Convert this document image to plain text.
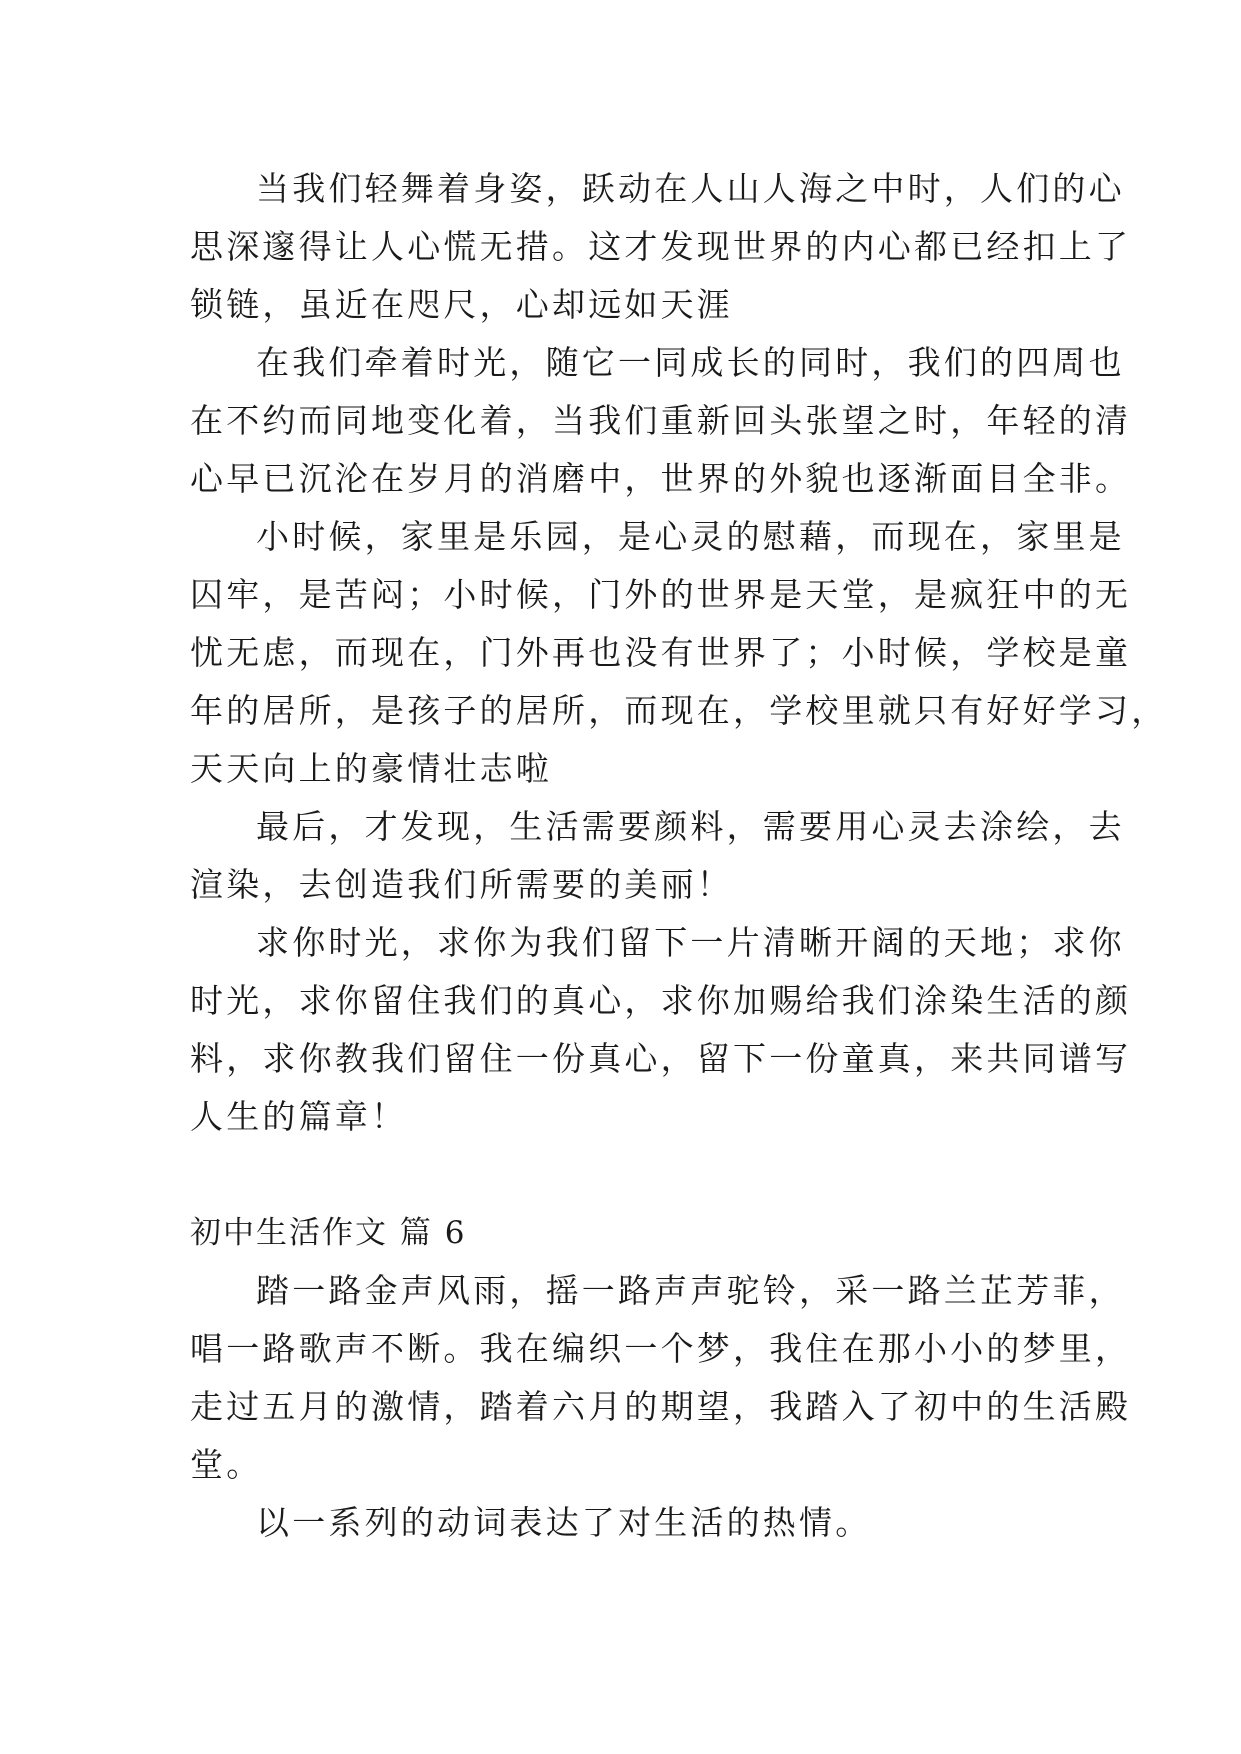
当我们轻舞着身姿，跃动在人山人海之中时，人们的心
思深邃得让人心慌无措。这才发现世界的内心都已经扣上了
锁链，虽近在咫尺，心却远如天涯

在我们牵着时光，随它一同成长的同时，我们的四周也
在不约而同地变化着，当我们重新回头张望之时，年轻的清
心早已沉沦在岁月的消磨中，世界的外貌也逐渐面目全非。

小时候，家里是乐园，是心灵的慰藉，而现在，家里是
囚牢，是苦闷；小时候，门外的世界是天堂，是疯狂中的无
忧无虑，而现在，门外再也没有世界了；小时候，学校是童
年的居所，是孩子的居所，而现在，学校里就只有好好学习，
天天向上的豪情壮志啦

最后，才发现，生活需要颜料，需要用心灵去涂绘，去
渲染，去创造我们所需要的美丽！

求你时光，求你为我们留下一片清晰开阔的天地；求你
时光，求你留住我们的真心，求你加赐给我们涂染生活的颜
料，求你教我们留住一份真心，留下一份童真，来共同谱写
人生的篇章！

初中生活作文 篇 6

踏一路金声风雨，摇一路声声驼铃，采一路兰芷芳菲，
唱一路歌声不断。我在编织一个梦，我住在那小小的梦里，
走过五月的激情，踏着六月的期望，我踏入了初中的生活殿
堂。

以一系列的动词表达了对生活的热情。
